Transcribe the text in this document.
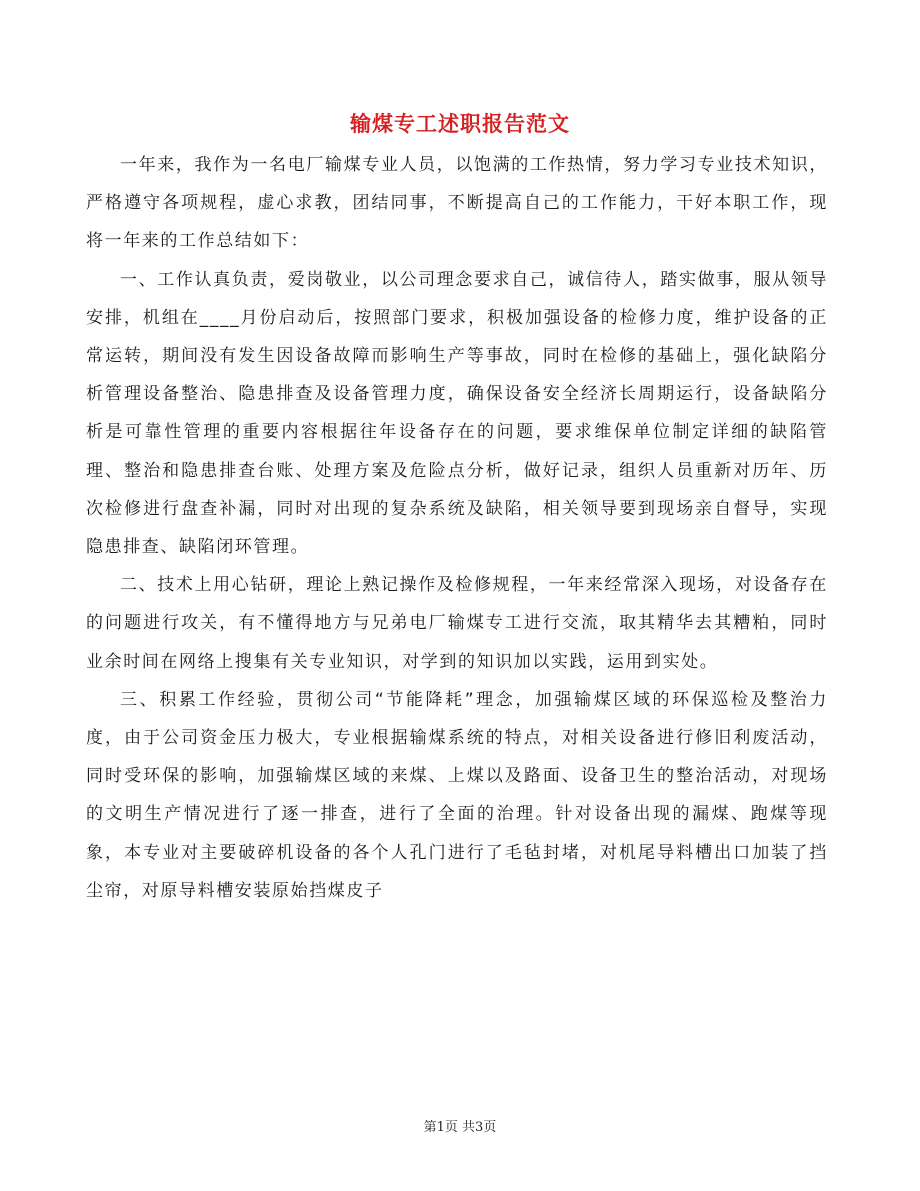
输煤专工述职报告范文

一年来，我作为一名电厂输煤专业人员，以饱满的工作热情，努力学习专业技术知识，严格遵守各项规程，虚心求教，团结同事，不断提高自己的工作能力，干好本职工作，现将一年来的工作总结如下：

一、工作认真负责，爱岗敬业，以公司理念要求自己，诚信待人，踏实做事，服从领导安排，机组在____月份启动后，按照部门要求，积极加强设备的检修力度，维护设备的正常运转，期间没有发生因设备故障而影响生产等事故，同时在检修的基础上，强化缺陷分析管理设备整治、隐患排查及设备管理力度，确保设备安全经济长周期运行，设备缺陷分析是可靠性管理的重要内容根据往年设备存在的问题，要求维保单位制定详细的缺陷管理、整治和隐患排查台账、处理方案及危险点分析，做好记录，组织人员重新对历年、历次检修进行盘查补漏，同时对出现的复杂系统及缺陷，相关领导要到现场亲自督导，实现隐患排查、缺陷闭环管理。

二、技术上用心钻研，理论上熟记操作及检修规程，一年来经常深入现场，对设备存在的问题进行攻关，有不懂得地方与兄弟电厂输煤专工进行交流，取其精华去其糟粕，同时业余时间在网络上搜集有关专业知识，对学到的知识加以实践，运用到实处。

三、积累工作经验，贯彻公司“节能降耗”理念，加强输煤区域的环保巡检及整治力度，由于公司资金压力极大，专业根据输煤系统的特点，对相关设备进行修旧利废活动，同时受环保的影响，加强输煤区域的来煤、上煤以及路面、设备卫生的整治活动，对现场的文明生产情况进行了逐一排查，进行了全面的治理。针对设备出现的漏煤、跑煤等现象，本专业对主要破碎机设备的各个人孔门进行了毛毡封堵，对机尾导料槽出口加装了挡尘帘，对原导料槽安装原始挡煤皮子

第1页 共3页
